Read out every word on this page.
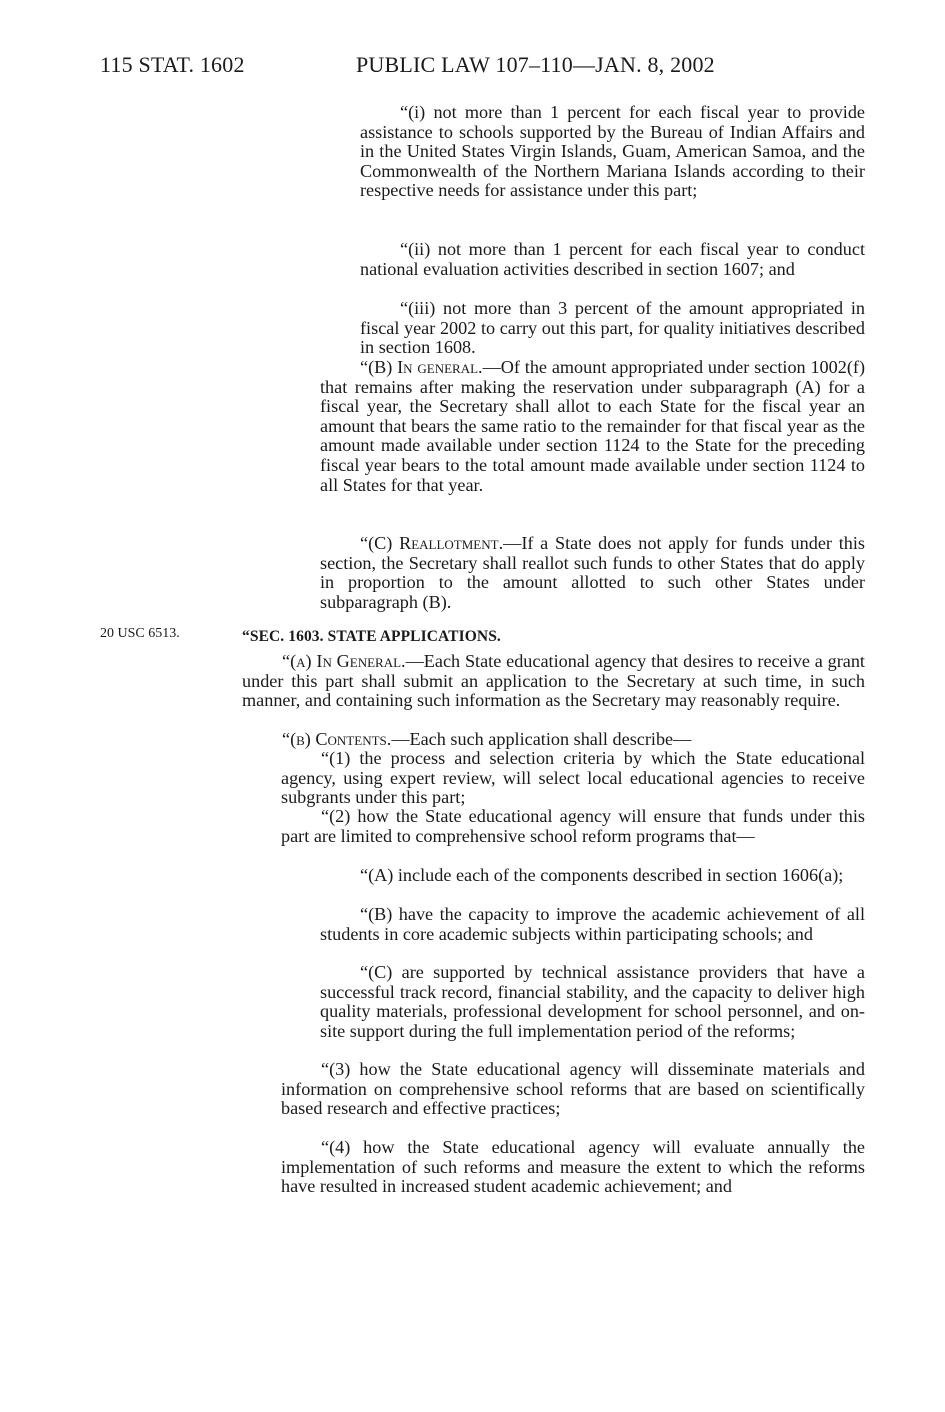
115 STAT. 1602	PUBLIC LAW 107–110—JAN. 8, 2002

“(i) not more than 1 percent for each fiscal year to provide assistance to schools supported by the Bureau of Indian Affairs and in the United States Virgin Islands, Guam, American Samoa, and the Commonwealth of the Northern Mariana Islands according to their respective needs for assistance under this part;

“(ii) not more than 1 percent for each fiscal year to conduct national evaluation activities described in section 1607; and

“(iii) not more than 3 percent of the amount appropriated in fiscal year 2002 to carry out this part, for quality initiatives described in section 1608.

“(B) In general.—Of the amount appropriated under section 1002(f) that remains after making the reservation under subparagraph (A) for a fiscal year, the Secretary shall allot to each State for the fiscal year an amount that bears the same ratio to the remainder for that fiscal year as the amount made available under section 1124 to the State for the preceding fiscal year bears to the total amount made available under section 1124 to all States for that year.

“(C) Reallotment.—If a State does not apply for funds under this section, the Secretary shall reallot such funds to other States that do apply in proportion to the amount allotted to such other States under subparagraph (B).

20 USC 6513.	“SEC. 1603. STATE APPLICATIONS.

“(a) In General.—Each State educational agency that desires to receive a grant under this part shall submit an application to the Secretary at such time, in such manner, and containing such information as the Secretary may reasonably require.

“(b) Contents.—Each such application shall describe—

“(1) the process and selection criteria by which the State educational agency, using expert review, will select local educational agencies to receive subgrants under this part;

“(2) how the State educational agency will ensure that funds under this part are limited to comprehensive school reform programs that—

“(A) include each of the components described in section 1606(a);

“(B) have the capacity to improve the academic achievement of all students in core academic subjects within participating schools; and

“(C) are supported by technical assistance providers that have a successful track record, financial stability, and the capacity to deliver high quality materials, professional development for school personnel, and on-site support during the full implementation period of the reforms;

“(3) how the State educational agency will disseminate materials and information on comprehensive school reforms that are based on scientifically based research and effective practices;

“(4) how the State educational agency will evaluate annually the implementation of such reforms and measure the extent to which the reforms have resulted in increased student academic achievement; and
